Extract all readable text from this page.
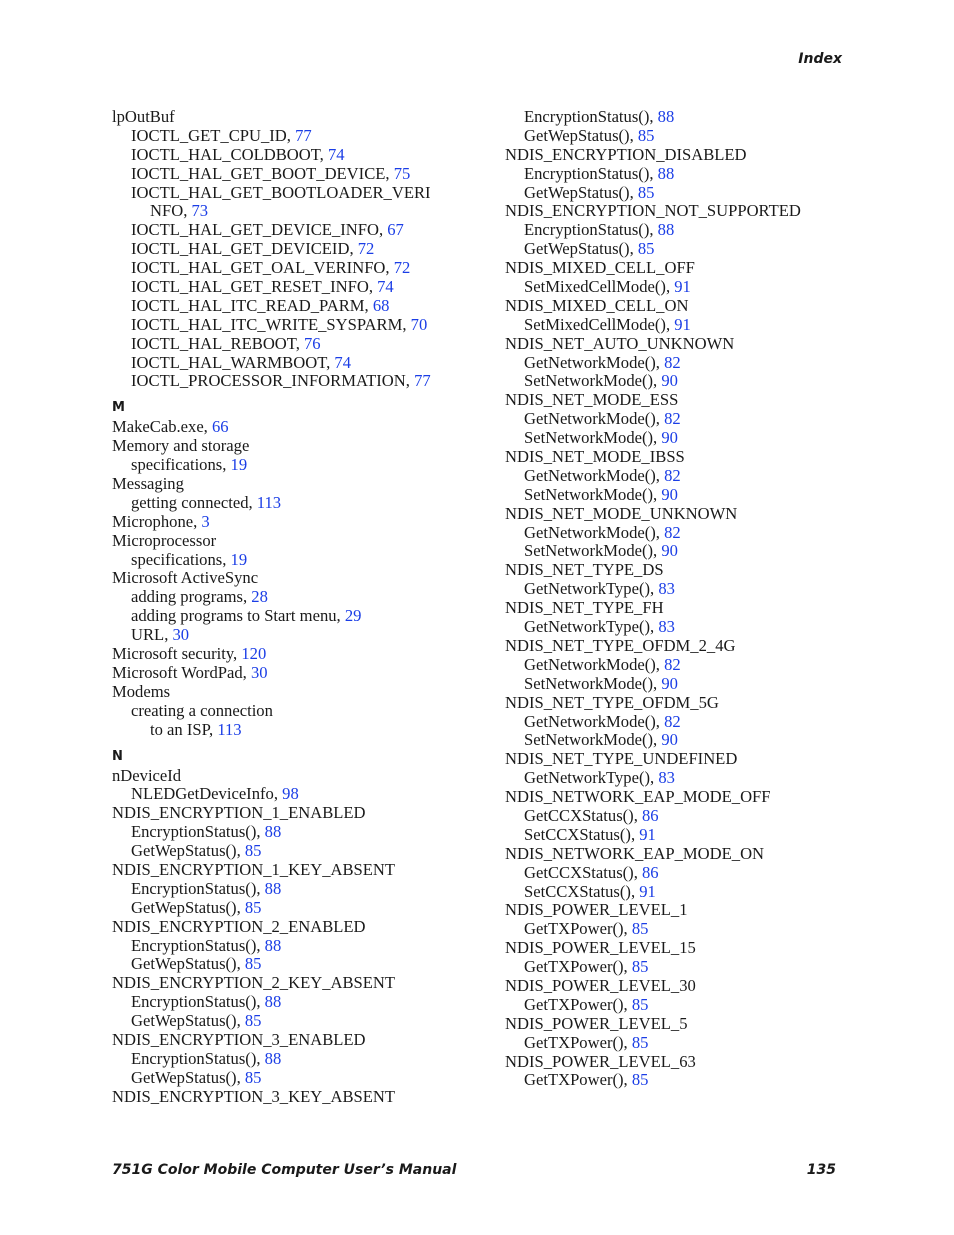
Index
lpOutBuf
IOCTL_GET_CPU_ID, 77
IOCTL_HAL_COLDBOOT, 74
IOCTL_HAL_GET_BOOT_DEVICE, 75
IOCTL_HAL_GET_BOOTLOADER_VERI
NFO, 73
IOCTL_HAL_GET_DEVICE_INFO, 67
IOCTL_HAL_GET_DEVICEID, 72
IOCTL_HAL_GET_OAL_VERINFO, 72
IOCTL_HAL_GET_RESET_INFO, 74
IOCTL_HAL_ITC_READ_PARM, 68
IOCTL_HAL_ITC_WRITE_SYSPARM, 70
IOCTL_HAL_REBOOT, 76
IOCTL_HAL_WARMBOOT, 74
IOCTL_PROCESSOR_INFORMATION, 77
M
MakeCab.exe, 66
Memory and storage
specifications, 19
Messaging
getting connected, 113
Microphone, 3
Microprocessor
specifications, 19
Microsoft ActiveSync
adding programs, 28
adding programs to Start menu, 29
URL, 30
Microsoft security, 120
Microsoft WordPad, 30
Modems
creating a connection
to an ISP, 113
N
nDeviceId
NLEDGetDeviceInfo, 98
NDIS_ENCRYPTION_1_ENABLED
EncryptionStatus(), 88
GetWepStatus(), 85
NDIS_ENCRYPTION_1_KEY_ABSENT
EncryptionStatus(), 88
GetWepStatus(), 85
NDIS_ENCRYPTION_2_ENABLED
EncryptionStatus(), 88
GetWepStatus(), 85
NDIS_ENCRYPTION_2_KEY_ABSENT
EncryptionStatus(), 88
GetWepStatus(), 85
NDIS_ENCRYPTION_3_ENABLED
EncryptionStatus(), 88
GetWepStatus(), 85
NDIS_ENCRYPTION_3_KEY_ABSENT
EncryptionStatus(), 88
GetWepStatus(), 85
NDIS_ENCRYPTION_DISABLED
EncryptionStatus(), 88
GetWepStatus(), 85
NDIS_ENCRYPTION_NOT_SUPPORTED
EncryptionStatus(), 88
GetWepStatus(), 85
NDIS_MIXED_CELL_OFF
SetMixedCellMode(), 91
NDIS_MIXED_CELL_ON
SetMixedCellMode(), 91
NDIS_NET_AUTO_UNKNOWN
GetNetworkMode(), 82
SetNetworkMode(), 90
NDIS_NET_MODE_ESS
GetNetworkMode(), 82
SetNetworkMode(), 90
NDIS_NET_MODE_IBSS
GetNetworkMode(), 82
SetNetworkMode(), 90
NDIS_NET_MODE_UNKNOWN
GetNetworkMode(), 82
SetNetworkMode(), 90
NDIS_NET_TYPE_DS
GetNetworkType(), 83
NDIS_NET_TYPE_FH
GetNetworkType(), 83
NDIS_NET_TYPE_OFDM_2_4G
GetNetworkMode(), 82
SetNetworkMode(), 90
NDIS_NET_TYPE_OFDM_5G
GetNetworkMode(), 82
SetNetworkMode(), 90
NDIS_NET_TYPE_UNDEFINED
GetNetworkType(), 83
NDIS_NETWORK_EAP_MODE_OFF
GetCCXStatus(), 86
SetCCXStatus(), 91
NDIS_NETWORK_EAP_MODE_ON
GetCCXStatus(), 86
SetCCXStatus(), 91
NDIS_POWER_LEVEL_1
GetTXPower(), 85
NDIS_POWER_LEVEL_15
GetTXPower(), 85
NDIS_POWER_LEVEL_30
GetTXPower(), 85
NDIS_POWER_LEVEL_5
GetTXPower(), 85
NDIS_POWER_LEVEL_63
GetTXPower(), 85
751G Color Mobile Computer User’s Manual	135
